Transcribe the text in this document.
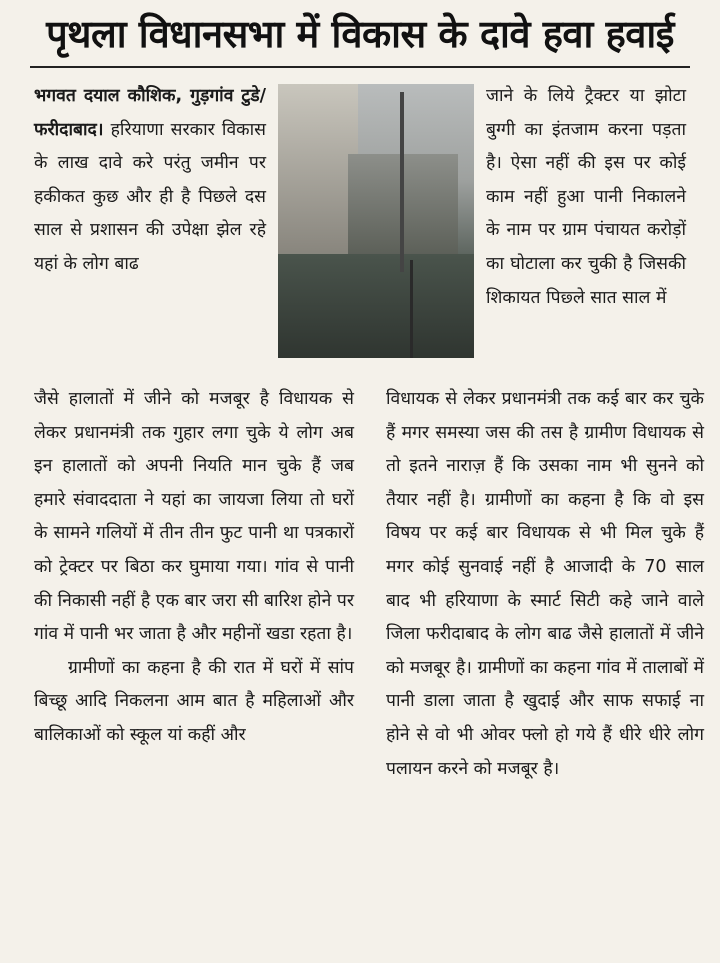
पृथला विधानसभा में विकास के दावे हवा हवाई

भगवत दयाल कौशिक, गुड़गांव टुडे/ फरीदाबाद। हरियाणा सरकार विकास के लाख दावे करे परंतु जमीन पर हकीकत कुछ और ही है पिछले दस साल से प्रशासन की उपेक्षा झेल रहे यहां के लोग बाढ

जाने के लिये ट्रैक्टर या झोटा बुग्गी का इंतजाम करना पड़ता है। ऐसा नहीं की इस पर कोई काम नहीं हुआ पानी निकालने के नाम पर ग्राम पंचायत करोड़ों का घोटाला कर चुकी है जिसकी शिकायत पिछ्ले सात साल में

जैसे हालातों में जीने को मजबूर है विधायक से लेकर प्रधानमंत्री तक गुहार लगा चुके ये लोग अब इन हालातों को अपनी नियति मान चुके हैं जब हमारे संवाददाता ने यहां का जायजा लिया तो घरों के सामने गलियों में तीन तीन फुट पानी था पत्रकारों को ट्रेक्टर पर बिठा कर घुमाया गया। गांव से पानी की निकासी नहीं है एक बार जरा सी बारिश होने पर गांव में पानी भर जाता है और महीनों खडा रहता है।

ग्रामीणों का कहना है की रात में घरों में सांप बिच्छू आदि निकलना आम बात है महिलाओं और बालिकाओं को स्कूल यां कहीं और

विधायक से लेकर प्रधानमंत्री तक कई बार कर चुके हैं मगर समस्या जस की तस है ग्रामीण विधायक से तो इतने नाराज़ हैं कि उसका नाम भी सुनने को तैयार नहीं है। ग्रामीणों का कहना है कि वो इस विषय पर कई बार विधायक से भी मिल चुके हैं मगर कोई सुनवाई नहीं है आजादी के 70 साल बाद भी हरियाणा के स्मार्ट सिटी कहे जाने वाले जिला फरीदाबाद के लोग बाढ जैसे हालातों में जीने को मजबूर है। ग्रामीणों का कहना गांव में तालाबों में पानी डाला जाता है खुदाई और साफ सफाई ना होने से वो भी ओवर फ्लो हो गये हैं धीरे धीरे लोग पलायन करने को मजबूर है।
